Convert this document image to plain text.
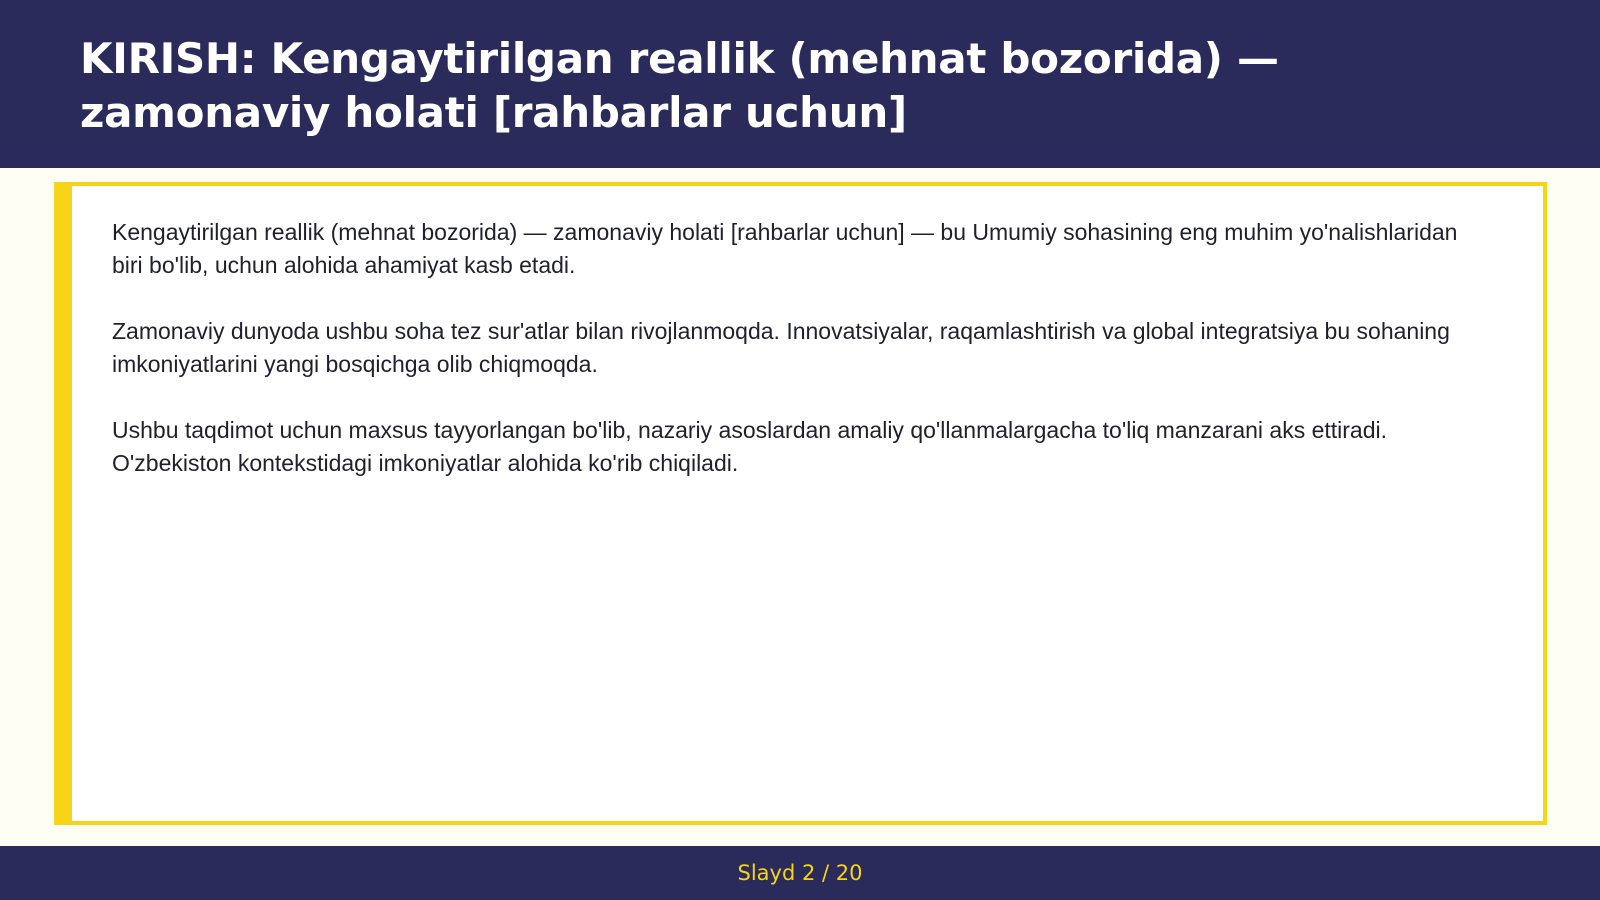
KIRISH: Kengaytirilgan reallik (mehnat bozorida) — zamonaviy holati [rahbarlar uchun]

Kengaytirilgan reallik (mehnat bozorida) — zamonaviy holati [rahbarlar uchun] — bu Umumiy sohasining eng muhim yo'nalishlaridan biri bo'lib, uchun alohida ahamiyat kasb etadi.

Zamonaviy dunyoda ushbu soha tez sur'atlar bilan rivojlanmoqda. Innovatsiyalar, raqamlashtirish va global integratsiya bu sohaning imkoniyatlarini yangi bosqichga olib chiqmoqda.

Ushbu taqdimot uchun maxsus tayyorlangan bo'lib, nazariy asoslardan amaliy qo'llanmalargacha to'liq manzarani aks ettiradi. O'zbekiston kontekstidagi imkoniyatlar alohida ko'rib chiqiladi.

Slayd 2 / 20
